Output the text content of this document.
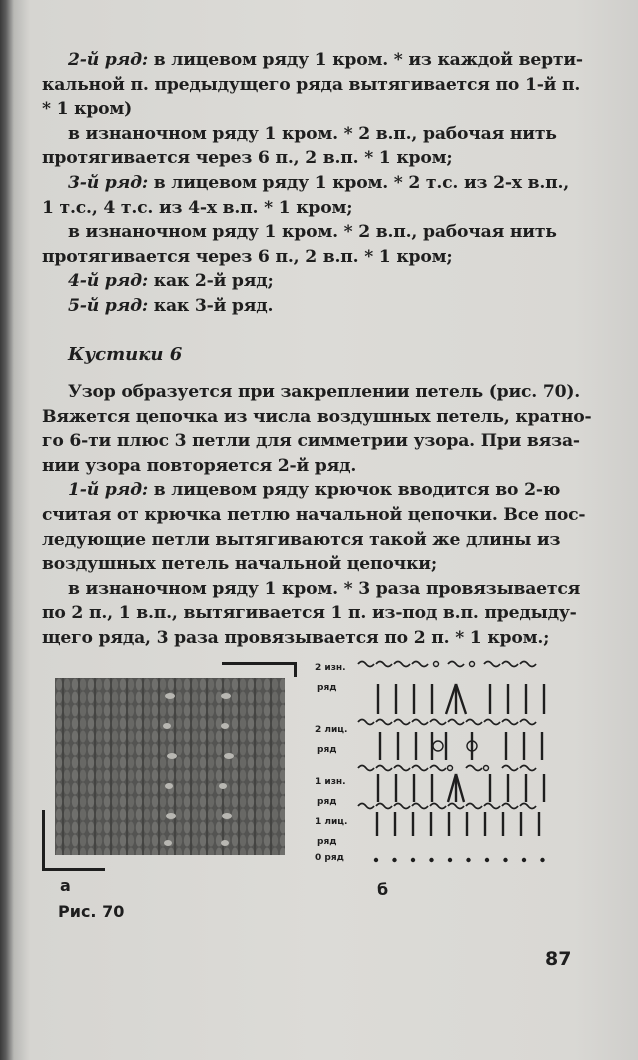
2-й ряд: в лицевом ряду 1 кром. * из каждой верти-
кальной п. предыдущего ряда вытягивается по 1-й п.
* 1 кром)
в изнаночном ряду 1 кром. * 2 в.п., рабочая нить
протягивается через 6 п., 2 в.п. * 1 кром;
3-й ряд: в лицевом ряду 1 кром. * 2 т.с. из 2-х в.п.,
1 т.с., 4 т.с. из 4-х в.п. * 1 кром;
в изнаночном ряду 1 кром. * 2 в.п., рабочая нить
протягивается через 6 п., 2 в.п. * 1 кром;
4-й ряд: как 2-й ряд;
5-й ряд: как 3-й ряд.
Кустики 6
Узор образуется при закреплении петель (рис. 70).
Вяжется цепочка из числа воздушных петель, кратно-
го 6-ти плюс 3 петли для симметрии узора. При вяза-
нии узора повторяется 2-й ряд.
1-й ряд: в лицевом ряду крючок вводится во 2-ю
считая от крючка петлю начальной цепочки. Все пос-
ледующие петли вытягиваются такой же длины из
воздушных петель начальной цепочки;
в изнаночном ряду 1 кром. * 3 раза провязывается
по 2 п., 1 в.п., вытягивается 1 п. из-под в.п. предыду-
щего ряда, 3 раза провязывается по 2 п. * 1 кром.;
а
Рис. 70
2 изн.
ряд
2 лиц.
ряд
1 изн.
ряд
1 лиц.
ряд
0 ряд
б
87
